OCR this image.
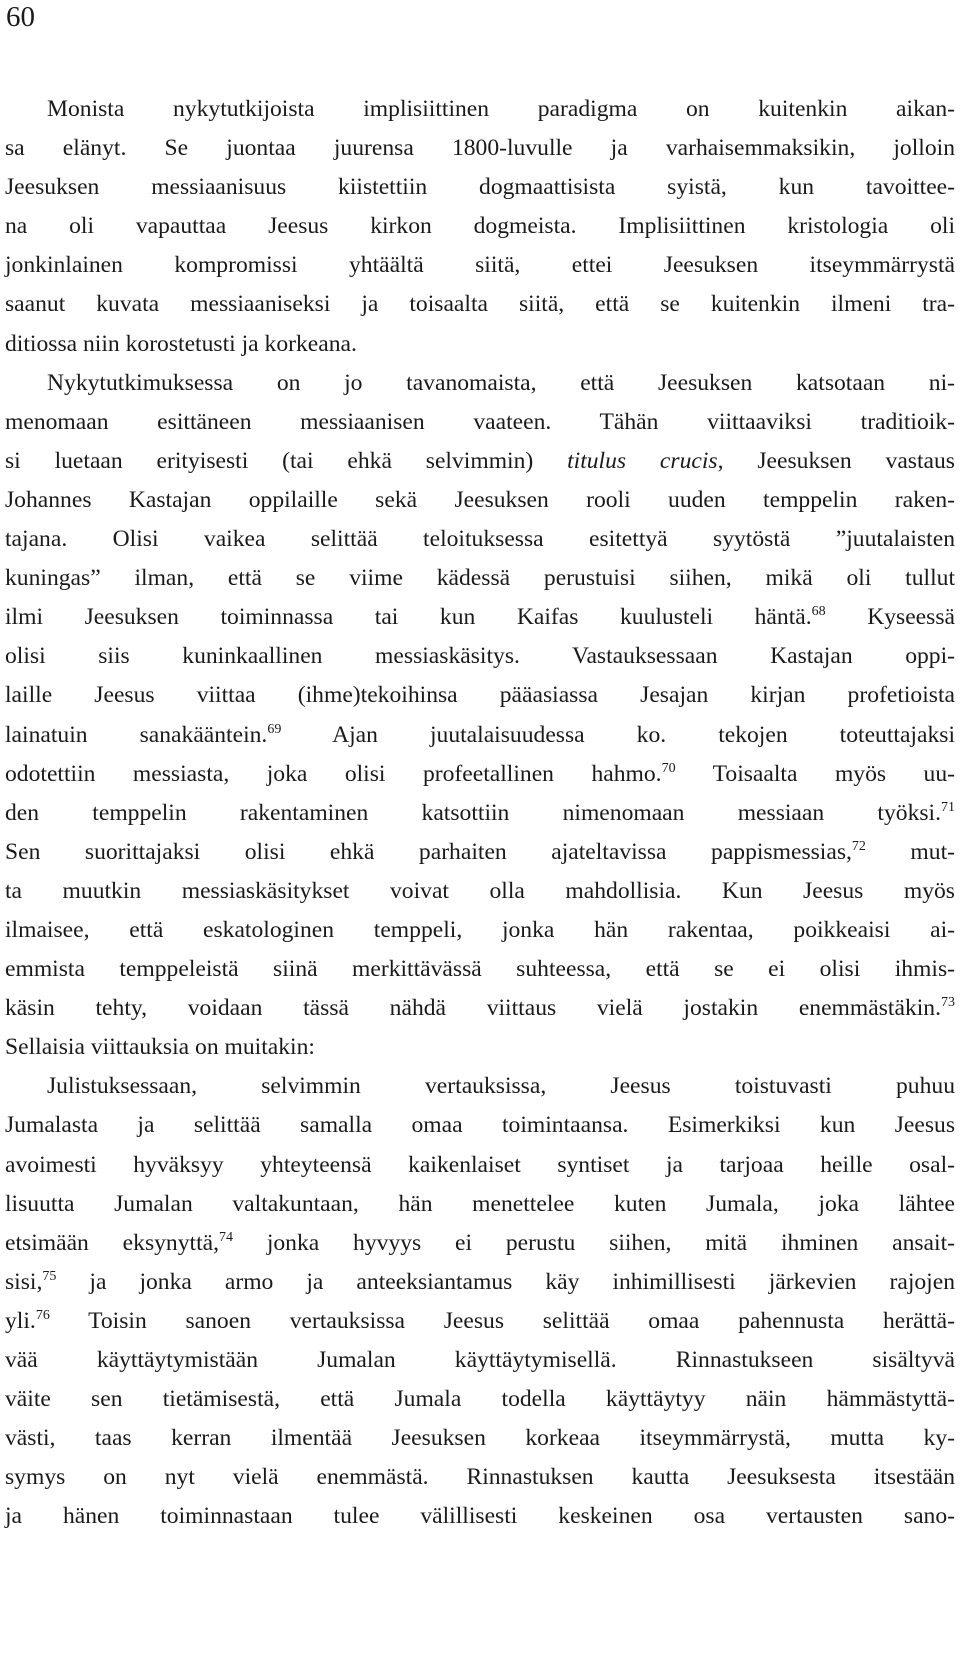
60
Monista nykytutkijoista implisiittinen paradigma on kuitenkin aikan-
sa elänyt. Se juontaa juurensa 1800-luvulle ja varhaisemmaksikin, jolloin
Jeesuksen messiaanisuus kiistettiin dogmaattisista syistä, kun tavoittee-
na oli vapauttaa Jeesus kirkon dogmeista. Implisiittinen kristologia oli
jonkinlainen kompromissi yhtäältä siitä, ettei Jeesuksen itseymmärrystä
saanut kuvata messiaaniseksi ja toisaalta siitä, että se kuitenkin ilmeni tra-
ditiossa niin korostetusti ja korkeana.
Nykytutkimuksessa on jo tavanomaista, että Jeesuksen katsotaan ni-
menomaan esittäneen messiaanisen vaateen. Tähän viittaaviksi traditioik-
si luetaan erityisesti (tai ehkä selvimmin) titulus crucis, Jeesuksen vastaus
Johannes Kastajan oppilaille sekä Jeesuksen rooli uuden temppelin raken-
tajana. Olisi vaikea selittää teloituksessa esitettyä syytöstä ”juutalaisten
kuningas” ilman, että se viime kädessä perustuisi siihen, mikä oli tullut
ilmi Jeesuksen toiminnassa tai kun Kaifas kuulusteli häntä.$^{68}$ Kyseessä
olisi siis kuninkaallinen messiaskäsitys. Vastauksessaan Kastajan oppi-
laille Jeesus viittaa (ihme)tekoihinsa pääasiassa Jesajan kirjan profetioista
lainatuin sanakääntein.$^{69}$ Ajan juutalaisuudessa ko. tekojen toteuttajaksi
odotettiin messiasta, joka olisi profeetallinen hahmo.$^{70}$ Toisaalta myös uu-
den temppelin rakentaminen katsottiin nimenomaan messiaan työksi.$^{71}$
Sen suorittajaksi olisi ehkä parhaiten ajateltavissa pappismessias,$^{72}$ mut-
ta muutkin messiaskäsitykset voivat olla mahdollisia. Kun Jeesus myös
ilmaisee, että eskatologinen temppeli, jonka hän rakentaa, poikkeaisi ai-
emmista temppeleistä siinä merkittävässä suhteessa, että se ei olisi ihmis-
käsin tehty, voidaan tässä nähdä viittaus vielä jostakin enemmästäkin.$^{73}$
Sellaisia viittauksia on muitakin:
Julistuksessaan, selvimmin vertauksissa, Jeesus toistuvasti puhuu
Jumalasta ja selittää samalla omaa toimintaansa. Esimerkiksi kun Jeesus
avoimesti hyväksyy yhteyteensä kaikenlaiset syntiset ja tarjoaa heille osal-
lisuutta Jumalan valtakuntaan, hän menettelee kuten Jumala, joka lähtee
etsimään eksynyttä,$^{74}$ jonka hyvyys ei perustu siihen, mitä ihminen ansait-
sisi,$^{75}$ ja jonka armo ja anteeksiantamus käy inhimillisesti järkevien rajojen
yli.$^{76}$ Toisin sanoen vertauksissa Jeesus selittää omaa pahennusta herättä-
vää käyttäytymistään Jumalan käyttäytymisellä. Rinnastukseen sisältyvä
väite sen tietämisestä, että Jumala todella käyttäytyy näin hämmästyttä-
västi, taas kerran ilmentää Jeesuksen korkeaa itseymmärrystä, mutta ky-
symys on nyt vielä enemmästä. Rinnastuksen kautta Jeesuksesta itsestään
ja hänen toiminnastaan tulee välillisesti keskeinen osa vertausten sano-
